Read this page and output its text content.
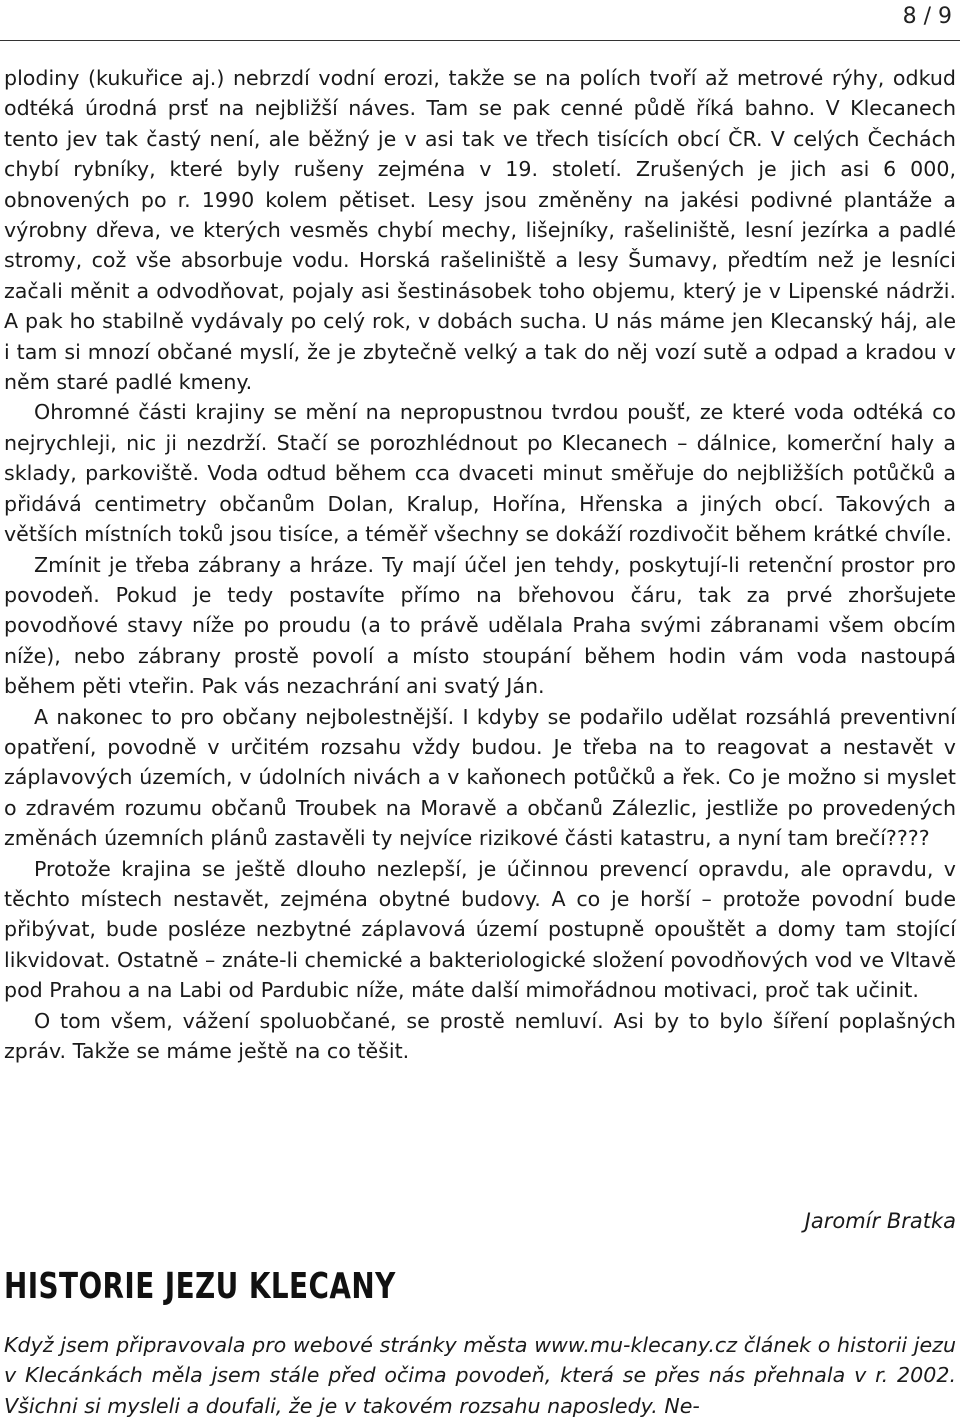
8 / 9

plodiny (kukuřice aj.) nebrzdí vodní erozi, takže se na polích tvoří až metrové rýhy, odkud odtéká úrodná prsť na nejbližší náves. Tam se pak cenné půdě říká bahno. V Klecanech tento jev tak častý není, ale běžný je v asi tak ve třech tisících obcí ČR. V celých Čechách chybí rybníky, které byly rušeny zejména v 19. století. Zrušených je jich asi 6 000, obnovených po r. 1990 kolem pětiset. Lesy jsou změněny na jakési podivné plantáže a výrobny dřeva, ve kterých vesměs chybí mechy, lišejníky, rašeliniště, lesní jezírka a padlé stromy, což vše absorbuje vodu. Horská rašeliniště a lesy Šumavy, předtím než je lesníci začali měnit a odvodňovat, pojaly asi šestinásobek toho objemu, který je v Lipenské nádrži. A pak ho stabilně vydávaly po celý rok, v dobách sucha. U nás máme jen Klecanský háj, ale i tam si mnozí občané myslí, že je zbytečně velký a tak do něj vozí sutě a odpad a kradou v něm staré padlé kmeny.

Ohromné části krajiny se mění na nepropustnou tvrdou poušť, ze které voda odtéká co nejrychleji, nic ji nezdrží. Stačí se porozhlédnout po Klecanech – dálnice, komerční haly a sklady, parkoviště. Voda odtud během cca dvaceti minut směřuje do nejbližších potůčků a přidává centimetry občanům Dolan, Kralup, Hořína, Hřenska a jiných obcí. Takových a větších místních toků jsou tisíce, a téměř všechny se dokáží rozdivočit během krátké chvíle.

Zmínit je třeba zábrany a hráze. Ty mají účel jen tehdy, poskytují-li retenční prostor pro povodeň. Pokud je tedy postavíte přímo na břehovou čáru, tak za prvé zhoršujete povodňové stavy níže po proudu (a to právě udělala Praha svými zábranami všem obcím níže), nebo zábrany prostě povolí a místo stoupání během hodin vám voda nastoupá během pěti vteřin. Pak vás nezachrání ani svatý Ján.

A nakonec to pro občany nejbolestnější. I kdyby se podařilo udělat rozsáhlá preventivní opatření, povodně v určitém rozsahu vždy budou. Je třeba na to reagovat a nestavět v záplavových územích, v údolních nivách a v kaňonech potůčků a řek. Co je možno si myslet o zdravém rozumu občanů Troubek na Moravě a občanů Zálezlic, jestliže po provedených změnách územních plánů zastavěli ty nejvíce rizikové části katastru, a nyní tam brečí????

Protože krajina se ještě dlouho nezlepší, je účinnou prevencí opravdu, ale opravdu, v těchto místech nestavět, zejména obytné budovy. A co je horší – protože povodní bude přibývat, bude posléze nezbytné záplavová území postupně opouštět a domy tam stojící likvidovat. Ostatně – znáte-li chemické a bakteriologické složení povodňových vod ve Vltavě pod Prahou a na Labi od Pardubic níže, máte další mimořádnou motivaci, proč tak učinit.

O tom všem, vážení spoluobčané, se prostě nemluví. Asi by to bylo šíření poplašných zpráv. Takže se máme ještě na co těšit.

Jaromír Bratka
HISTORIE JEZU KLECANY

Když jsem připravovala pro webové stránky města www.mu-klecany.cz článek o historii jezu v Klecánkách měla jsem stále před očima povodeň, která se přes nás přehnala v r. 2002. Všichni si mysleli a doufali, že je v takovém rozsahu naposledy. Ne-
